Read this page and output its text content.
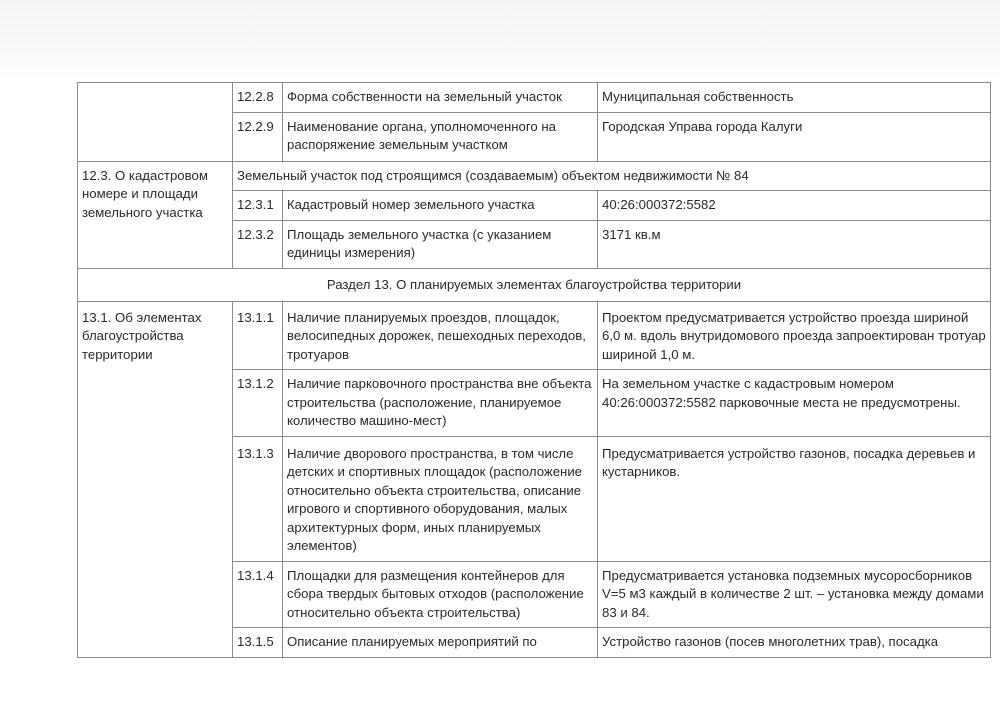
	12.2.8	Форма собственности на земельный участок	Муниципальная собственность
	12.2.9	Наименование органа, уполномоченного на распоряжение земельным участком	Городская Управа города Калуги
12.3. О кадастровом номере и площади земельного участка	Земельный участок под строящимся (создаваемым) объектом недвижимости № 84		
	12.3.1	Кадастровый номер земельного участка	40:26:000372:5582
	12.3.2	Площадь земельного участка (с указанием единицы измерения)	3171 кв.м
Раздел 13. О планируемых элементах благоустройства территории			
13.1. Об элементах благоустройства территории	13.1.1	Наличие планируемых проездов, площадок, велосипедных дорожек, пешеходных переходов, тротуаров	Проектом предусматривается устройство проезда шириной 6,0 м. вдоль внутридомового проезда запроектирован тротуар шириной 1,0 м.
	13.1.2	Наличие парковочного пространства вне объекта строительства (расположение, планируемое количество машино-мест)	На земельном участке с кадастровым номером 40:26:000372:5582 парковочные места не предусмотрены.
	13.1.3	Наличие дворового пространства, в том числе детских и спортивных площадок (расположение относительно объекта строительства, описание игрового и спортивного оборудования, малых архитектурных форм, иных планируемых элементов)	Предусматривается устройство газонов, посадка деревьев и кустарников.
	13.1.4	Площадки для размещения контейнеров для сбора твердых бытовых отходов (расположение относительно объекта строительства)	Предусматривается установка подземных мусоросборников V=5 м3 каждый в количестве 2 шт. – установка между домами 83 и 84.
	13.1.5	Описание планируемых мероприятий по	Устройство газонов (посев многолетних трав), посадка
